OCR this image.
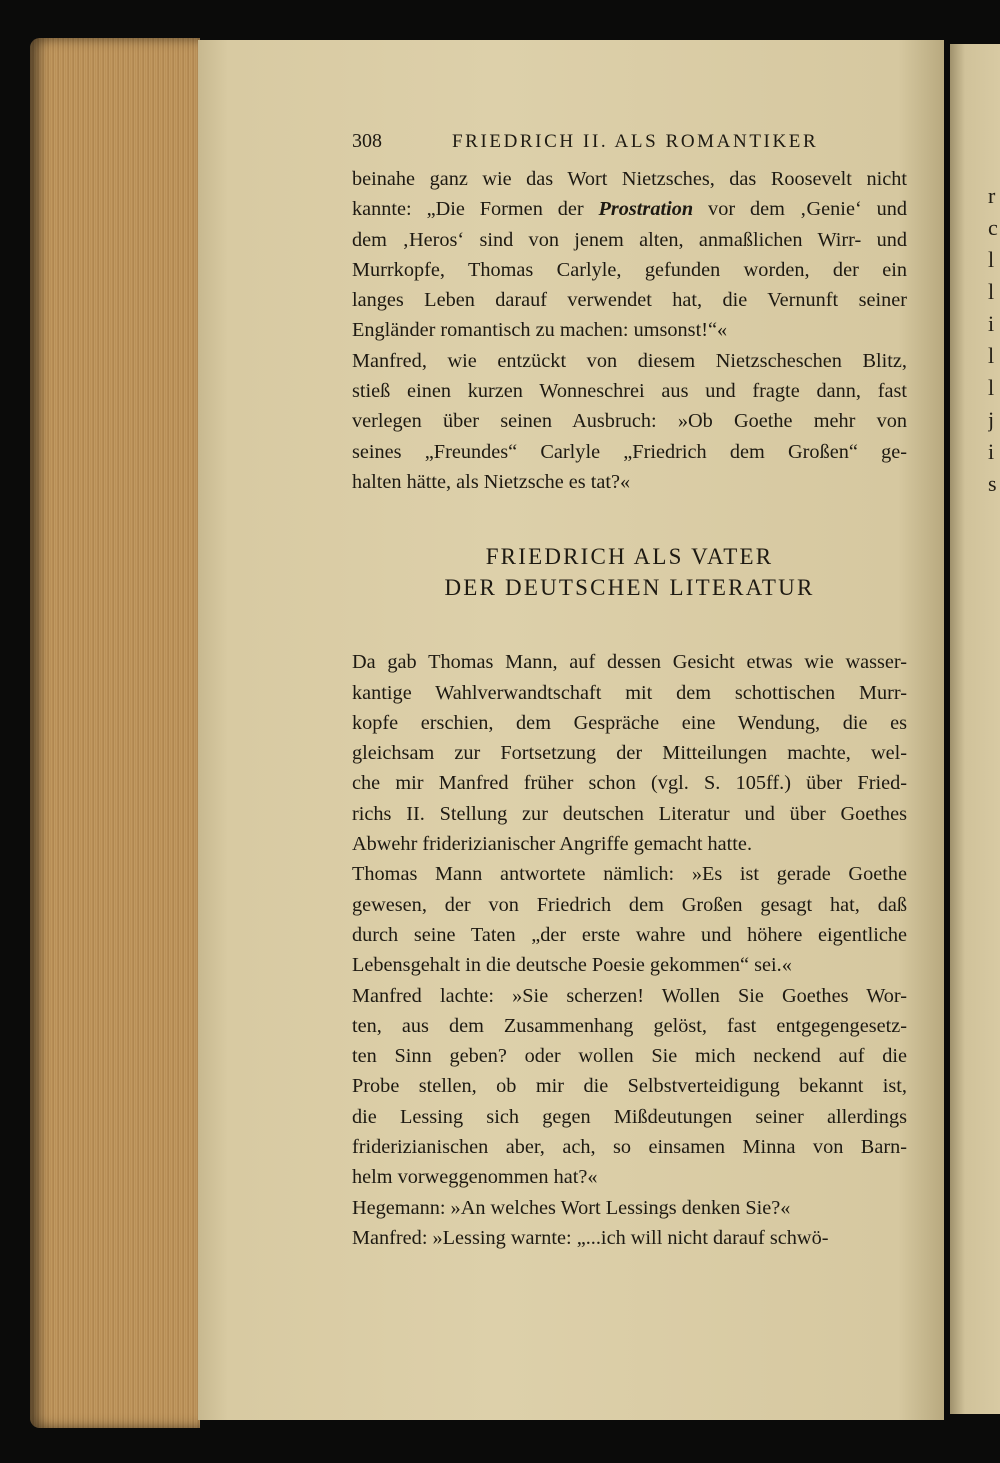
r
c
l
l
i
l
l
j
i
s
308	FRIEDRICH II. ALS ROMANTIKER
beinahe ganz wie das Wort Nietzsches, das Roosevelt nicht
kannte: „Die Formen der Prostration vor dem ‚Genie‘ und
dem ‚Heros‘ sind von jenem alten, anmaßlichen Wirr- und
Murrkopfe, Thomas Carlyle, gefunden worden, der ein
langes Leben darauf verwendet hat, die Vernunft seiner
Engländer romantisch zu machen: umsonst!“«
Manfred, wie entzückt von diesem Nietzscheschen Blitz,
stieß einen kurzen Wonneschrei aus und fragte dann, fast
verlegen über seinen Ausbruch: »Ob Goethe mehr von
seines „Freundes“ Carlyle „Friedrich dem Großen“ ge-
halten hätte, als Nietzsche es tat?«
FRIEDRICH ALS VATER
DER DEUTSCHEN LITERATUR
Da gab Thomas Mann, auf dessen Gesicht etwas wie wasser-
kantige Wahlverwandtschaft mit dem schottischen Murr-
kopfe erschien, dem Gespräche eine Wendung, die es
gleichsam zur Fortsetzung der Mitteilungen machte, wel-
che mir Manfred früher schon (vgl. S. 105ff.) über Fried-
richs II. Stellung zur deutschen Literatur und über Goethes
Abwehr friderizianischer Angriffe gemacht hatte.
Thomas Mann antwortete nämlich: »Es ist gerade Goethe
gewesen, der von Friedrich dem Großen gesagt hat, daß
durch seine Taten „der erste wahre und höhere eigentliche
Lebensgehalt in die deutsche Poesie gekommen“ sei.«
Manfred lachte: »Sie scherzen! Wollen Sie Goethes Wor-
ten, aus dem Zusammenhang gelöst, fast entgegengesetz-
ten Sinn geben? oder wollen Sie mich neckend auf die
Probe stellen, ob mir die Selbstverteidigung bekannt ist,
die Lessing sich gegen Mißdeutungen seiner allerdings
friderizianischen aber, ach, so einsamen Minna von Barn-
helm vorweggenommen hat?«
Hegemann: »An welches Wort Lessings denken Sie?«
Manfred: »Lessing warnte: „...ich will nicht darauf schwö-
